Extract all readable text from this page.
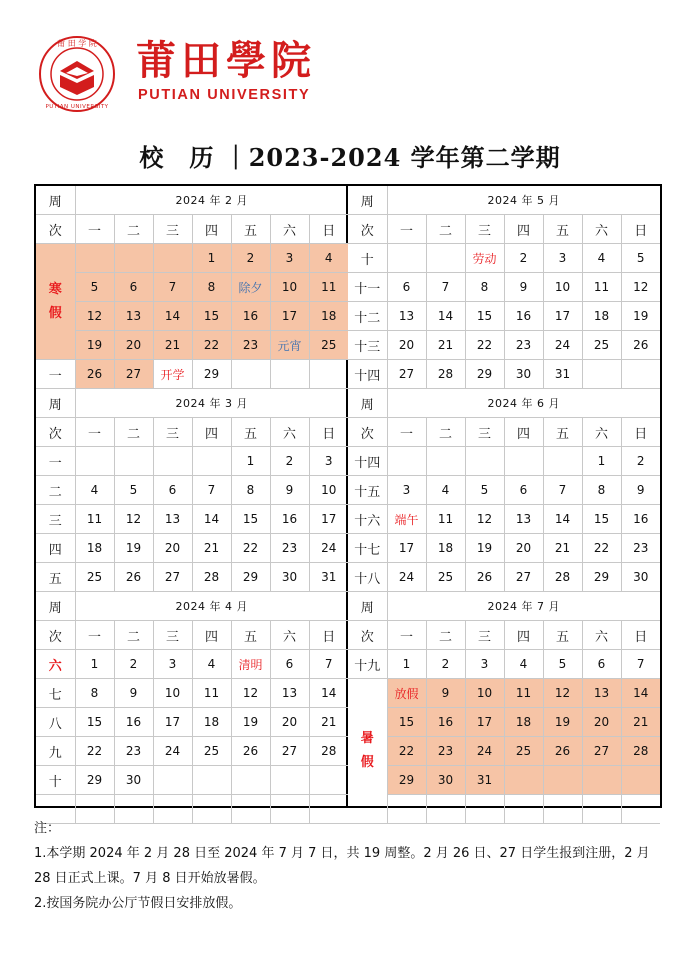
莆 田 学 院
PUTIAN UNIVERSITY
莆田學院
PUTIAN UNIVERSITY
校　历 ｜2023-2024 学年第二学期
周	2024 年 2 月						
次	一	二	三	四	五	六	日
寒假				1	2	3	4
	5	6	7	8	除夕	10	11
	12	13	14	15	16	17	18
	19	20	21	22	23	元宵	25
一	26	27	开学	29			
周	2024 年 3 月						
次	一	二	三	四	五	六	日
一					1	2	3
二	4	5	6	7	8	9	10
三	11	12	13	14	15	16	17
四	18	19	20	21	22	23	24
五	25	26	27	28	29	30	31
周	2024 年 4 月						
次	一	二	三	四	五	六	日
六	1	2	3	4	清明	6	7
七	8	9	10	11	12	13	14
八	15	16	17	18	19	20	21
九	22	23	24	25	26	27	28
十	29	30					

周	2024 年 5 月						
次	一	二	三	四	五	六	日
十			劳动	2	3	4	5
十一	6	7	8	9	10	11	12
十二	13	14	15	16	17	18	19
十三	20	21	22	23	24	25	26
十四	27	28	29	30	31		
周	2024 年 6 月						
次	一	二	三	四	五	六	日
十四						1	2
十五	3	4	5	6	7	8	9
十六	端午	11	12	13	14	15	16
十七	17	18	19	20	21	22	23
十八	24	25	26	27	28	29	30
周	2024 年 7 月						
次	一	二	三	四	五	六	日
十九	1	2	3	4	5	6	7
暑假	放假	9	10	11	12	13	14
	15	16	17	18	19	20	21
	22	23	24	25	26	27	28
	29	30	31				

注：
1.本学期 2024 年 2 月 28 日至 2024 年 7 月 7 日，共 19 周整。2 月 26 日、27 日学生报到注册，2 月 28 日正式上课。7 月 8 日开始放暑假。
2.按国务院办公厅节假日安排放假。
